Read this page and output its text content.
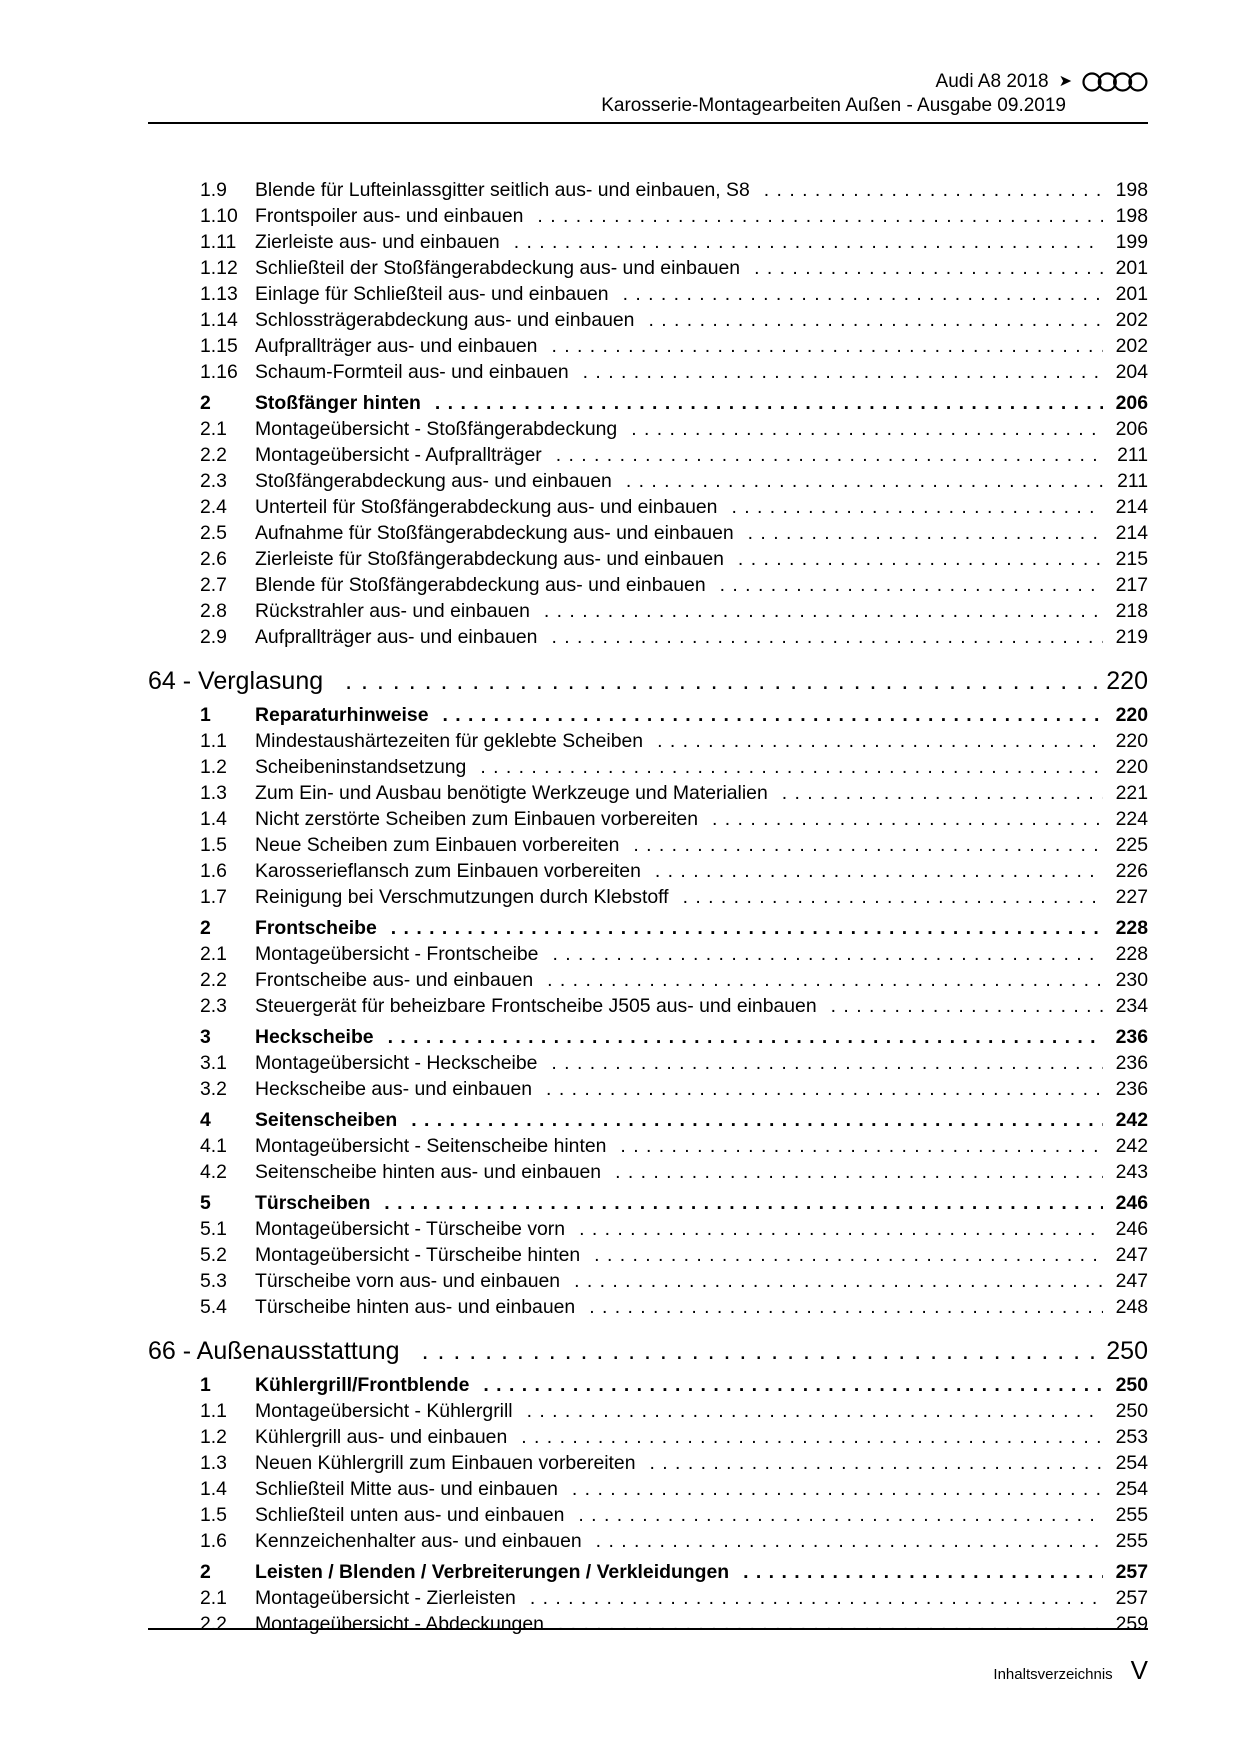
Audi A8 2018 ➤
Karosserie-Montagearbeiten Außen - Ausgabe 09.2019
1.9	Blende für Lufteinlassgitter seitlich aus- und einbauen, S8 . . .	198
1.10 Frontspoiler aus- und einbauen . . .	198
1.11 Zierleiste aus- und einbauen . . .	199
1.12 Schließteil der Stoßfängerabdeckung aus- und einbauen . . .	201
1.13 Einlage für Schließteil aus- und einbauen . . .	201
1.14 Schlossträgerabdeckung aus- und einbauen . . .	202
1.15 Aufprallträger aus- und einbauen . . .	202
1.16 Schaum-Formteil aus- und einbauen . . .	204
2	Stoßfänger hinten . . .	206
2.1	Montageübersicht - Stoßfängerabdeckung . . .	206
2.2	Montageübersicht - Aufprallträger . . .	211
2.3	Stoßfängerabdeckung aus- und einbauen . . .	211
2.4	Unterteil für Stoßfängerabdeckung aus- und einbauen . . .	214
2.5	Aufnahme für Stoßfängerabdeckung aus- und einbauen . . .	214
2.6	Zierleiste für Stoßfängerabdeckung aus- und einbauen . . .	215
2.7	Blende für Stoßfängerabdeckung aus- und einbauen . . .	217
2.8	Rückstrahler aus- und einbauen . . .	218
2.9	Aufprallträger aus- und einbauen . . .	219
64 - Verglasung . . .	220
1	Reparaturhinweise . . .	220
1.1	Mindestaushärtezeiten für geklebte Scheiben . . .	220
1.2	Scheibeninstandsetzung . . .	220
1.3	Zum Ein- und Ausbau benötigte Werkzeuge und Materialien . . .	221
1.4	Nicht zerstörte Scheiben zum Einbauen vorbereiten . . .	224
1.5	Neue Scheiben zum Einbauen vorbereiten . . .	225
1.6	Karosserieflansch zum Einbauen vorbereiten . . .	226
1.7	Reinigung bei Verschmutzungen durch Klebstoff . . .	227
2	Frontscheibe . . .	228
2.1	Montageübersicht - Frontscheibe . . .	228
2.2	Frontscheibe aus- und einbauen . . .	230
2.3	Steuergerät für beheizbare Frontscheibe J505 aus- und einbauen . . .	234
3	Heckscheibe . . .	236
3.1	Montageübersicht - Heckscheibe . . .	236
3.2	Heckscheibe aus- und einbauen . . .	236
4	Seitenscheiben . . .	242
4.1	Montageübersicht - Seitenscheibe hinten . . .	242
4.2	Seitenscheibe hinten aus- und einbauen . . .	243
5	Türscheiben . . .	246
5.1	Montageübersicht - Türscheibe vorn . . .	246
5.2	Montageübersicht - Türscheibe hinten . . .	247
5.3	Türscheibe vorn aus- und einbauen . . .	247
5.4	Türscheibe hinten aus- und einbauen . . .	248
66 - Außenausstattung . . .	250
1	Kühlergrill/Frontblende . . .	250
1.1	Montageübersicht - Kühlergrill . . .	250
1.2	Kühlergrill aus- und einbauen . . .	253
1.3	Neuen Kühlergrill zum Einbauen vorbereiten . . .	254
1.4	Schließteil Mitte aus- und einbauen . . .	254
1.5	Schließteil unten aus- und einbauen . . .	255
1.6	Kennzeichenhalter aus- und einbauen . . .	255
2	Leisten / Blenden / Verbreiterungen / Verkleidungen . . .	257
2.1	Montageübersicht - Zierleisten . . .	257
2.2	Montageübersicht - Abdeckungen . . .	259
Inhaltsverzeichnis V
